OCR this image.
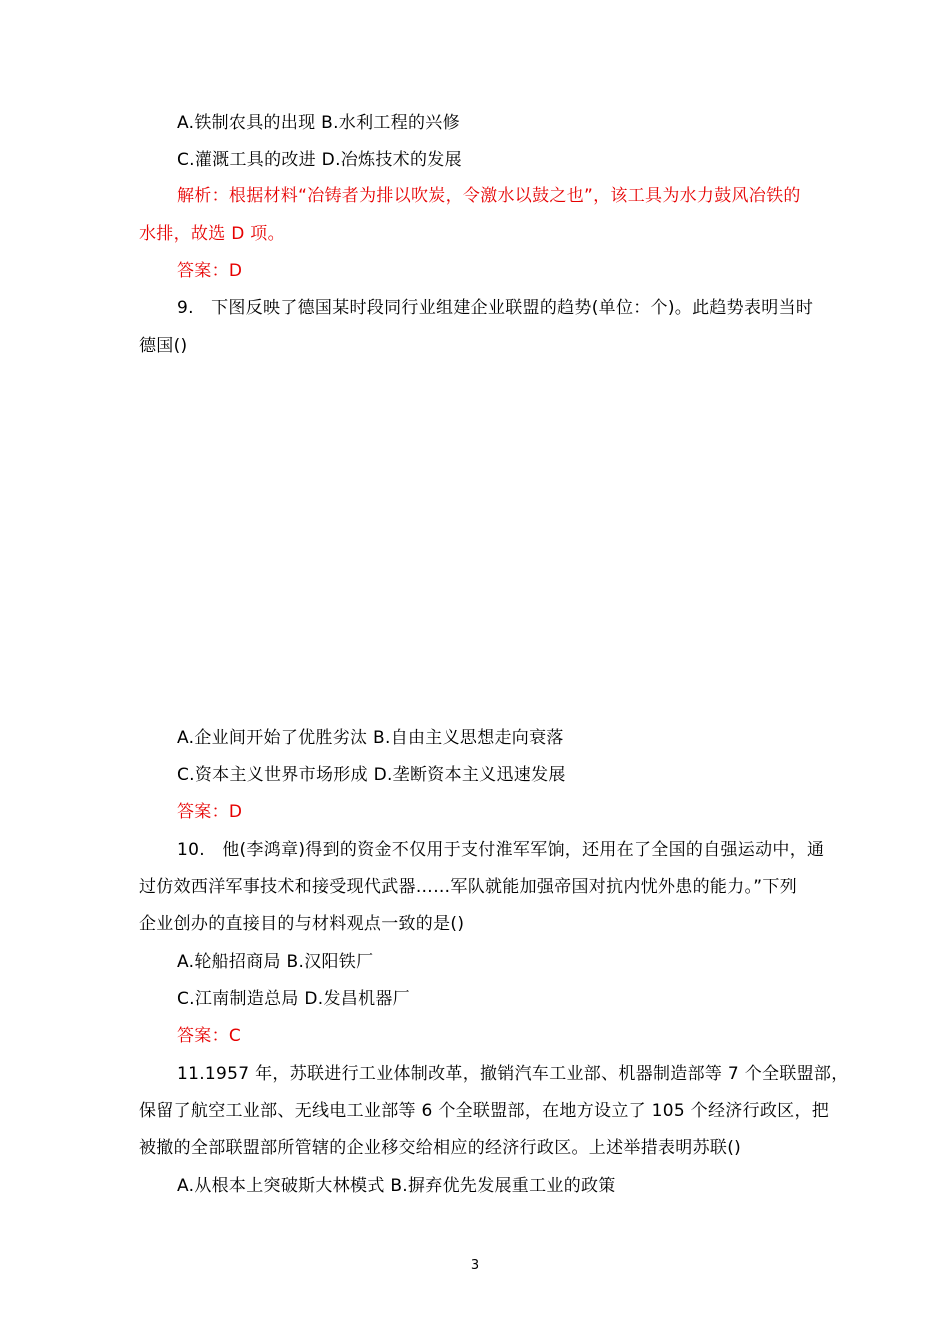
A.铁制农具的出现 B.水利工程的兴修
C.灌溉工具的改进 D.冶炼技术的发展
解析：根据材料“冶铸者为排以吹炭，令激水以鼓之也”，该工具为水力鼓风冶铁的
水排，故选 D 项。
答案：D
9.　下图反映了德国某时段同行业组建企业联盟的趋势(单位：个)。此趋势表明当时
德国()
A.企业间开始了优胜劣汰 B.自由主义思想走向衰落
C.资本主义世界市场形成 D.垄断资本主义迅速发展
答案：D
10.　他(李鸿章)得到的资金不仅用于支付淮军军饷，还用在了全国的自强运动中，通
过仿效西洋军事技术和接受现代武器……军队就能加强帝国对抗内忧外患的能力。”下列
企业创办的直接目的与材料观点一致的是()
A.轮船招商局 B.汉阳铁厂
C.江南制造总局 D.发昌机器厂
答案：C
11.1957 年，苏联进行工业体制改革，撤销汽车工业部、机器制造部等 7 个全联盟部，
保留了航空工业部、无线电工业部等 6 个全联盟部，在地方设立了 105 个经济行政区，把
被撤的全部联盟部所管辖的企业移交给相应的经济行政区。上述举措表明苏联()
A.从根本上突破斯大林模式 B.摒弃优先发展重工业的政策
3
